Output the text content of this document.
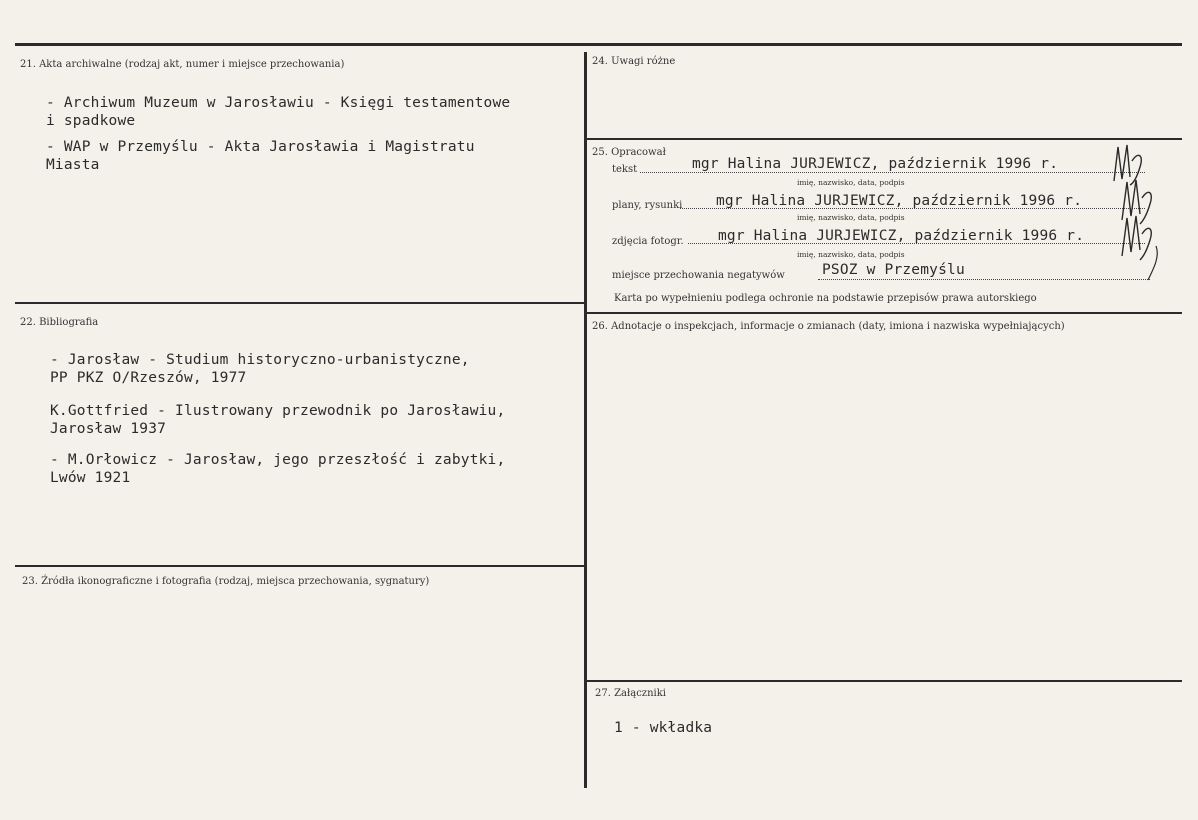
21. Akta archiwalne (rodzaj akt, numer i miejsce przechowania)
- Archiwum Muzeum w Jarosławiu - Księgi testamentowe
i spadkowe
- WAP w Przemyślu - Akta Jarosławia i Magistratu
Miasta
22. Bibliografia
- Jarosław - Studium historyczno-urbanistyczne,
PP PKZ O/Rzeszów, 1977
K.Gottfried - Ilustrowany przewodnik po Jarosławiu,
Jarosław 1937
- M.Orłowicz - Jarosław, jego przeszłość i zabytki,
Lwów 1921
23. Źródła ikonograficzne i fotografia (rodzaj, miejsca przechowania, sygnatury)
24. Uwagi różne
25. Opracował
tekst	mgr Halina JURJEWICZ, październik 1996 r.
imię, nazwisko, data, podpis
plany, rysunki mgr Halina JURJEWICZ, październik 1996 r.
imię, nazwisko, data, podpis
zdjęcia fotogr. mgr Halina JURJEWICZ, październik 1996 r.
imię, nazwisko, data, podpis
miejsce przechowania negatywów	PSOZ w Przemyślu
Karta po wypełnieniu podlega ochronie na podstawie przepisów prawa autorskiego
26. Adnotacje o inspekcjach, informacje o zmianach (daty, imiona i nazwiska wypełniających)
27. Załączniki
1 - wkładka
